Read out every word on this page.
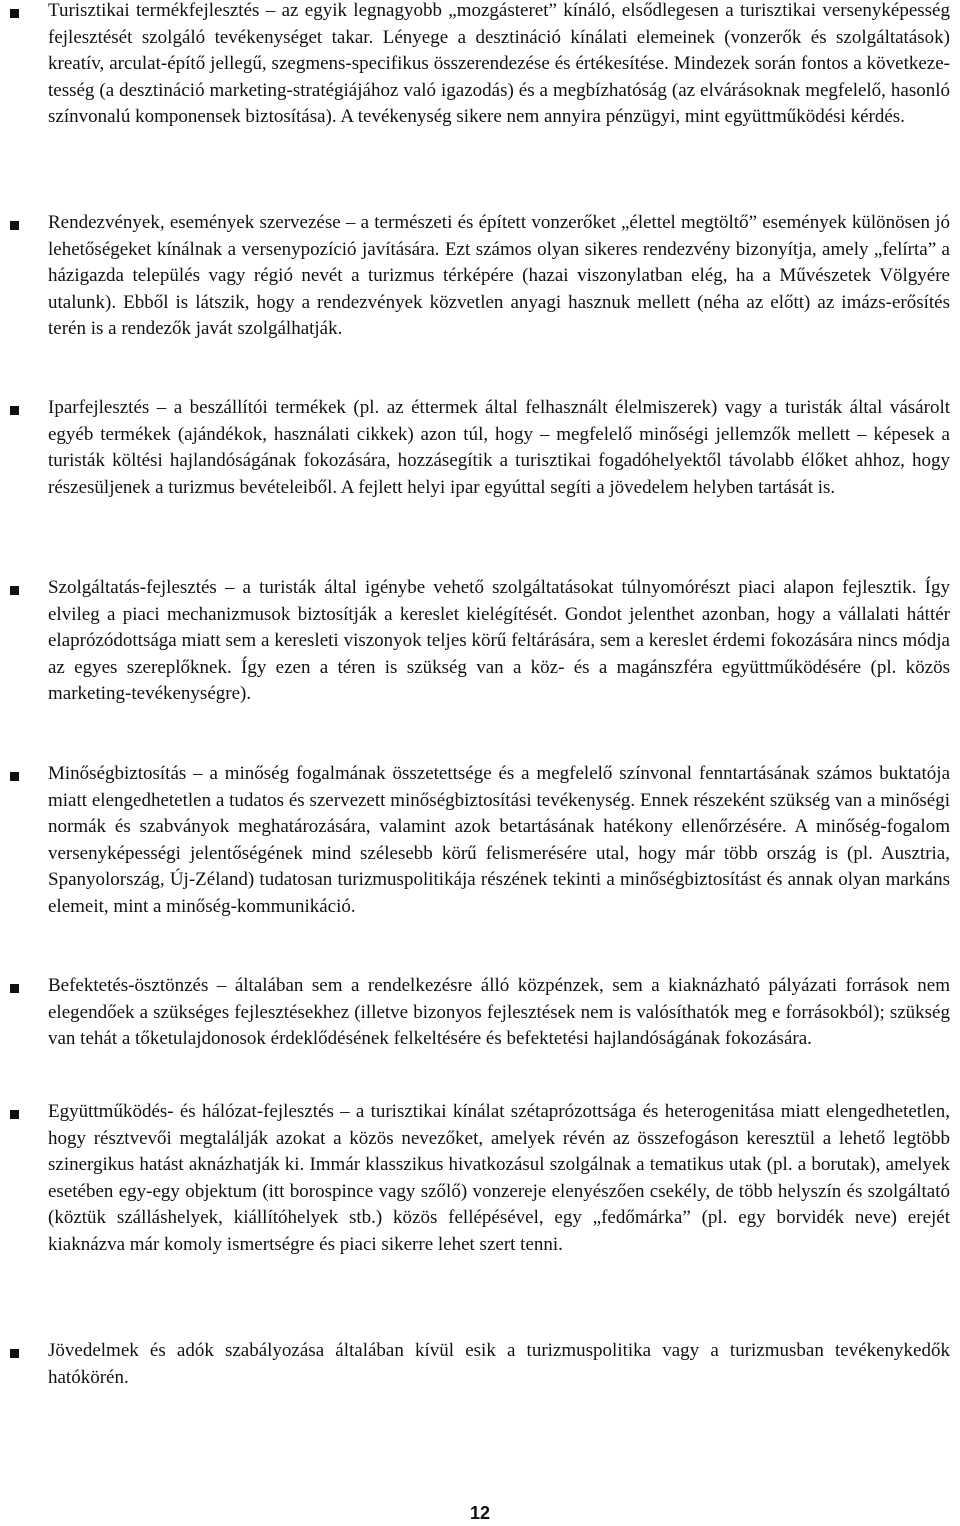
Turisztikai termékfejlesztés – az egyik legnagyobb „mozgásteret” kínáló, elsődlegesen a turisztikai versenyképesség fejlesztését szolgáló tevékenységet takar. Lényege a desztináció kínálati elemeinek (vonzerők és szolgáltatások) kreatív, arculat-építő jellegű, szegmens-specifikus összerendezése és értékesítése. Mindezek során fontos a következetesség (a desztináció marketing-stratégiájához való igazodás) és a megbízhatóság (az elvárásoknak megfelelő, hasonló színvonalú komponensek biztosítása). A tevékenység sikere nem annyira pénzügyi, mint együttműködési kérdés.

Rendezvények, események szervezése – a természeti és épített vonzerőket „élettel megtöltő” események különösen jó lehetőségeket kínálnak a versenypozíció javítására. Ezt számos olyan sikeres rendezvény bizonyítja, amely „felírta” a házigazda település vagy régió nevét a turizmus térképére (hazai viszonylatban elég, ha a Művészetek Völgyére utalunk). Ebből is látszik, hogy a rendezvények közvetlen anyagi hasznuk mellett (néha az előtt) az imázs-erősítés terén is a rendezők javát szolgálhatják.

Iparfejlesztés – a beszállítói termékek (pl. az éttermek által felhasznált élelmiszerek) vagy a turisták által vásárolt egyéb termékek (ajándékok, használati cikkek) azon túl, hogy – megfelelő minőségi jellemzők mellett – képesek a turisták költési hajlandóságának fokozására, hozzásegítik a turisztikai fogadóhelyektől távolabb élőket ahhoz, hogy részesüljenek a turizmus bevételeiből. A fejlett helyi ipar egyúttal segíti a jövedelem helyben tartását is.

Szolgáltatás-fejlesztés – a turisták által igénybe vehető szolgáltatásokat túlnyomórészt piaci alapon fejlesztik. Így elvileg a piaci mechanizmusok biztosítják a kereslet kielégítését. Gondot jelenthet azonban, hogy a vállalati háttér elaprózódottsága miatt sem a keresleti viszonyok teljes körű feltárására, sem a kereslet érdemi fokozására nincs módja az egyes szereplőknek. Így ezen a téren is szükség van a köz- és a magánszféra együttműködésére (pl. közös marketing-tevékenységre).

Minőségbiztosítás – a minőség fogalmának összetettsége és a megfelelő színvonal fenntartásának számos buktatója miatt elengedhetetlen a tudatos és szervezett minőségbiztosítási tevékenység. Ennek részeként szükség van a minőségi normák és szabványok meghatározására, valamint azok betartásának hatékony ellenőrzésére. A minőség-fogalom versenyképességi jelentőségének mind szélesebb körű felismerésére utal, hogy már több ország is (pl. Ausztria, Spanyolország, Új-Zéland) tudatosan turizmuspolitikája részének tekinti a minőségbiztosítást és annak olyan markáns elemeit, mint a minőség-kommunikáció.

Befektetés-ösztönzés – általában sem a rendelkezésre álló közpénzek, sem a kiaknázható pályázati források nem elegendőek a szükséges fejlesztésekhez (illetve bizonyos fejlesztések nem is valósíthatók meg e forrásokból); szükség van tehát a tőketulajdonosok érdeklődésének felkeltésére és befektetési hajlandóságának fokozására.

Együttműködés- és hálózat-fejlesztés – a turisztikai kínálat szétaprózottsága és heterogenitása miatt elengedhetetlen, hogy résztvevői megtalálják azokat a közös nevezőket, amelyek révén az összefogáson keresztül a lehető legtöbb szinergikus hatást aknázhatják ki. Immár klasszikus hivatkozásul szolgálnak a tematikus utak (pl. a borutak), amelyek esetében egy-egy objektum (itt borospince vagy szőlő) vonzereje elenyészően csekély, de több helyszín és szolgáltató (köztük szálláshelyek, kiállítóhelyek stb.) közös fellépésével, egy „fedőmárka” (pl. egy borvidék neve) erejét kiaknázva már komoly ismertségre és piaci sikerre lehet szert tenni.

Jövedelmek és adók szabályozása általában kívül esik a turizmuspolitika vagy a turizmusban tevékenykedők hatókörén.

12
